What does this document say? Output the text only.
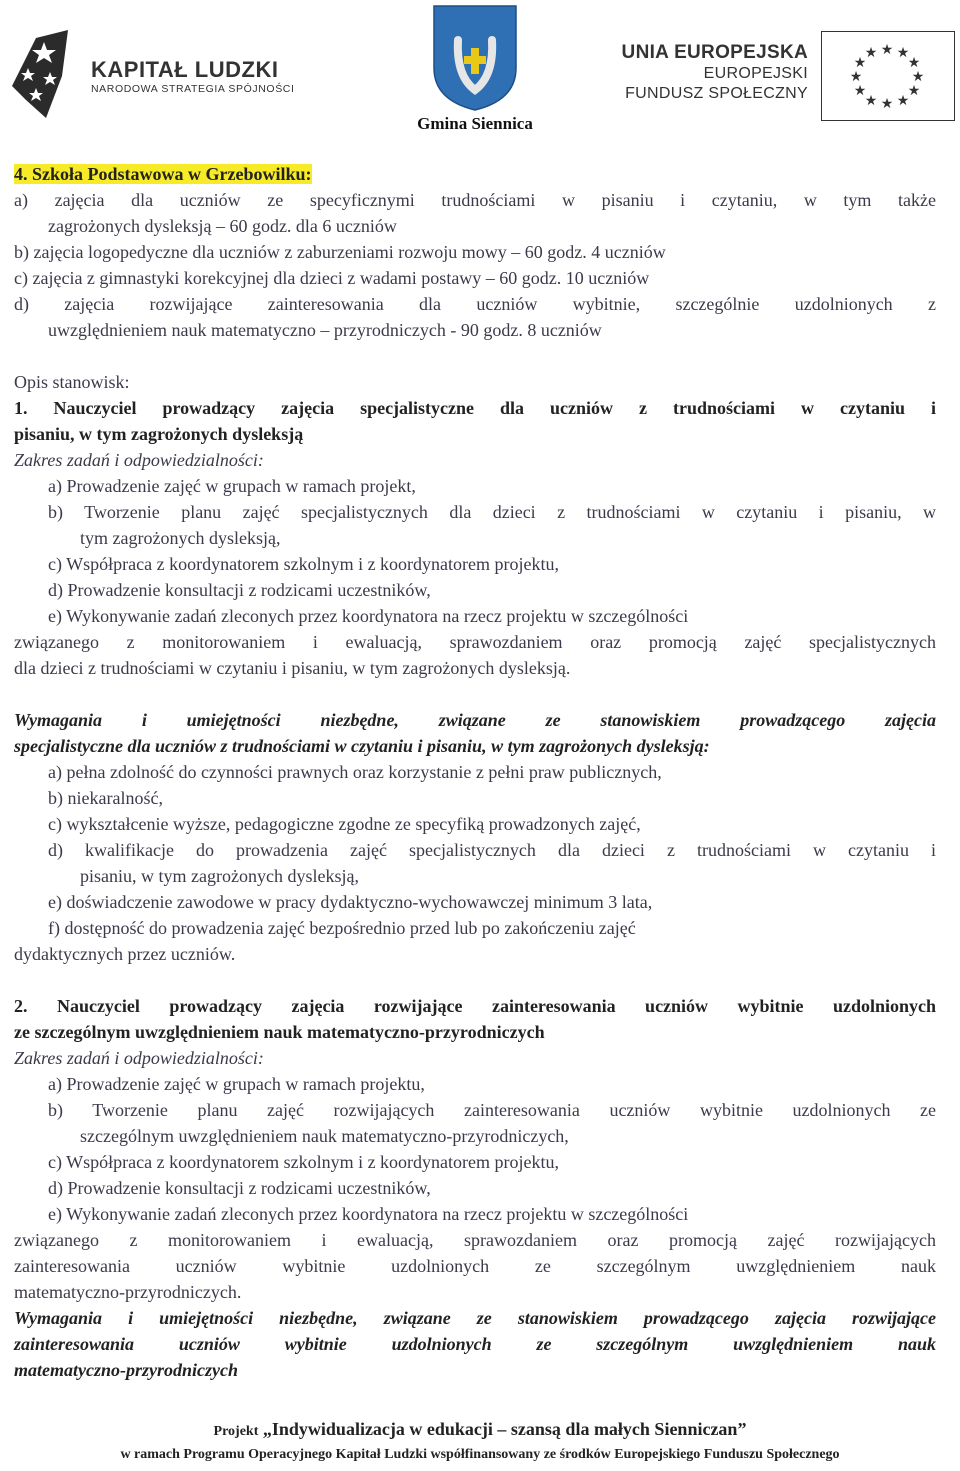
KAPITAŁ LUDZKI
NARODOWA STRATEGIA SPÓJNOŚCI
Gmina Siennica
UNIA EUROPEJSKA
EUROPEJSKI
FUNDUSZ SPOŁECZNY
★ ★
★
★
★
★
★
★
★
★
★
★
4. Szkoła Podstawowa w Grzebowilku:
a) zajęcia dla uczniów ze specyficznymi trudnościami w pisaniu i czytaniu, w tym także
zagrożonych dysleksją – 60 godz. dla 6 uczniów
b) zajęcia logopedyczne dla uczniów z zaburzeniami rozwoju mowy – 60 godz. 4 uczniów
c) zajęcia z gimnastyki korekcyjnej dla dzieci z wadami postawy – 60 godz. 10 uczniów
d) zajęcia rozwijające zainteresowania dla uczniów wybitnie, szczególnie uzdolnionych z
uwzględnieniem nauk matematyczno – przyrodniczych - 90 godz. 8 uczniów
Opis stanowisk:
1. Nauczyciel prowadzący zajęcia specjalistyczne dla uczniów z trudnościami w czytaniu i
pisaniu, w tym zagrożonych dysleksją
Zakres zadań i odpowiedzialności:
a) Prowadzenie zajęć w grupach w ramach projekt,
b) Tworzenie planu zajęć specjalistycznych dla dzieci z trudnościami w czytaniu i pisaniu, w
tym zagrożonych dysleksją,
c) Współpraca z koordynatorem szkolnym i z koordynatorem projektu,
d) Prowadzenie konsultacji z rodzicami uczestników,
e) Wykonywanie zadań zleconych przez koordynatora na rzecz projektu w szczególności
związanego z monitorowaniem i ewaluacją, sprawozdaniem oraz promocją zajęć specjalistycznych
dla dzieci z trudnościami w czytaniu i pisaniu, w tym zagrożonych dysleksją.
Wymagania i umiejętności niezbędne, związane ze stanowiskiem prowadzącego zajęcia
specjalistyczne dla uczniów z trudnościami w czytaniu i pisaniu, w tym zagrożonych dysleksją:
a) pełna zdolność do czynności prawnych oraz korzystanie z pełni praw publicznych,
b) niekaralność,
c) wykształcenie wyższe, pedagogiczne zgodne ze specyfiką prowadzonych zajęć,
d) kwalifikacje do prowadzenia zajęć specjalistycznych dla dzieci z trudnościami w czytaniu i
pisaniu, w tym zagrożonych dysleksją,
e) doświadczenie zawodowe w pracy dydaktyczno-wychowawczej minimum 3 lata,
f) dostępność do prowadzenia zajęć bezpośrednio przed lub po zakończeniu zajęć
dydaktycznych przez uczniów.
2. Nauczyciel prowadzący zajęcia rozwijające zainteresowania uczniów wybitnie uzdolnionych
ze szczególnym uwzględnieniem nauk matematyczno-przyrodniczych
Zakres zadań i odpowiedzialności:
a) Prowadzenie zajęć w grupach w ramach projektu,
b) Tworzenie planu zajęć rozwijających zainteresowania uczniów wybitnie uzdolnionych ze
szczególnym uwzględnieniem nauk matematyczno-przyrodniczych,
c) Współpraca z koordynatorem szkolnym i z koordynatorem projektu,
d) Prowadzenie konsultacji z rodzicami uczestników,
e) Wykonywanie zadań zleconych przez koordynatora na rzecz projektu w szczególności
związanego z monitorowaniem i ewaluacją, sprawozdaniem oraz promocją zajęć rozwijających
zainteresowania uczniów wybitnie uzdolnionych ze szczególnym uwzględnieniem nauk
matematyczno-przyrodniczych.
Wymagania i umiejętności niezbędne, związane ze stanowiskiem prowadzącego zajęcia rozwijające
zainteresowania uczniów wybitnie uzdolnionych ze szczególnym uwzględnieniem nauk
matematyczno-przyrodniczych
Projekt „Indywidualizacja w edukacji – szansą dla małych Sienniczan”
w ramach Programu Operacyjnego Kapitał Ludzki współfinansowany ze środków Europejskiego Funduszu Społecznego
